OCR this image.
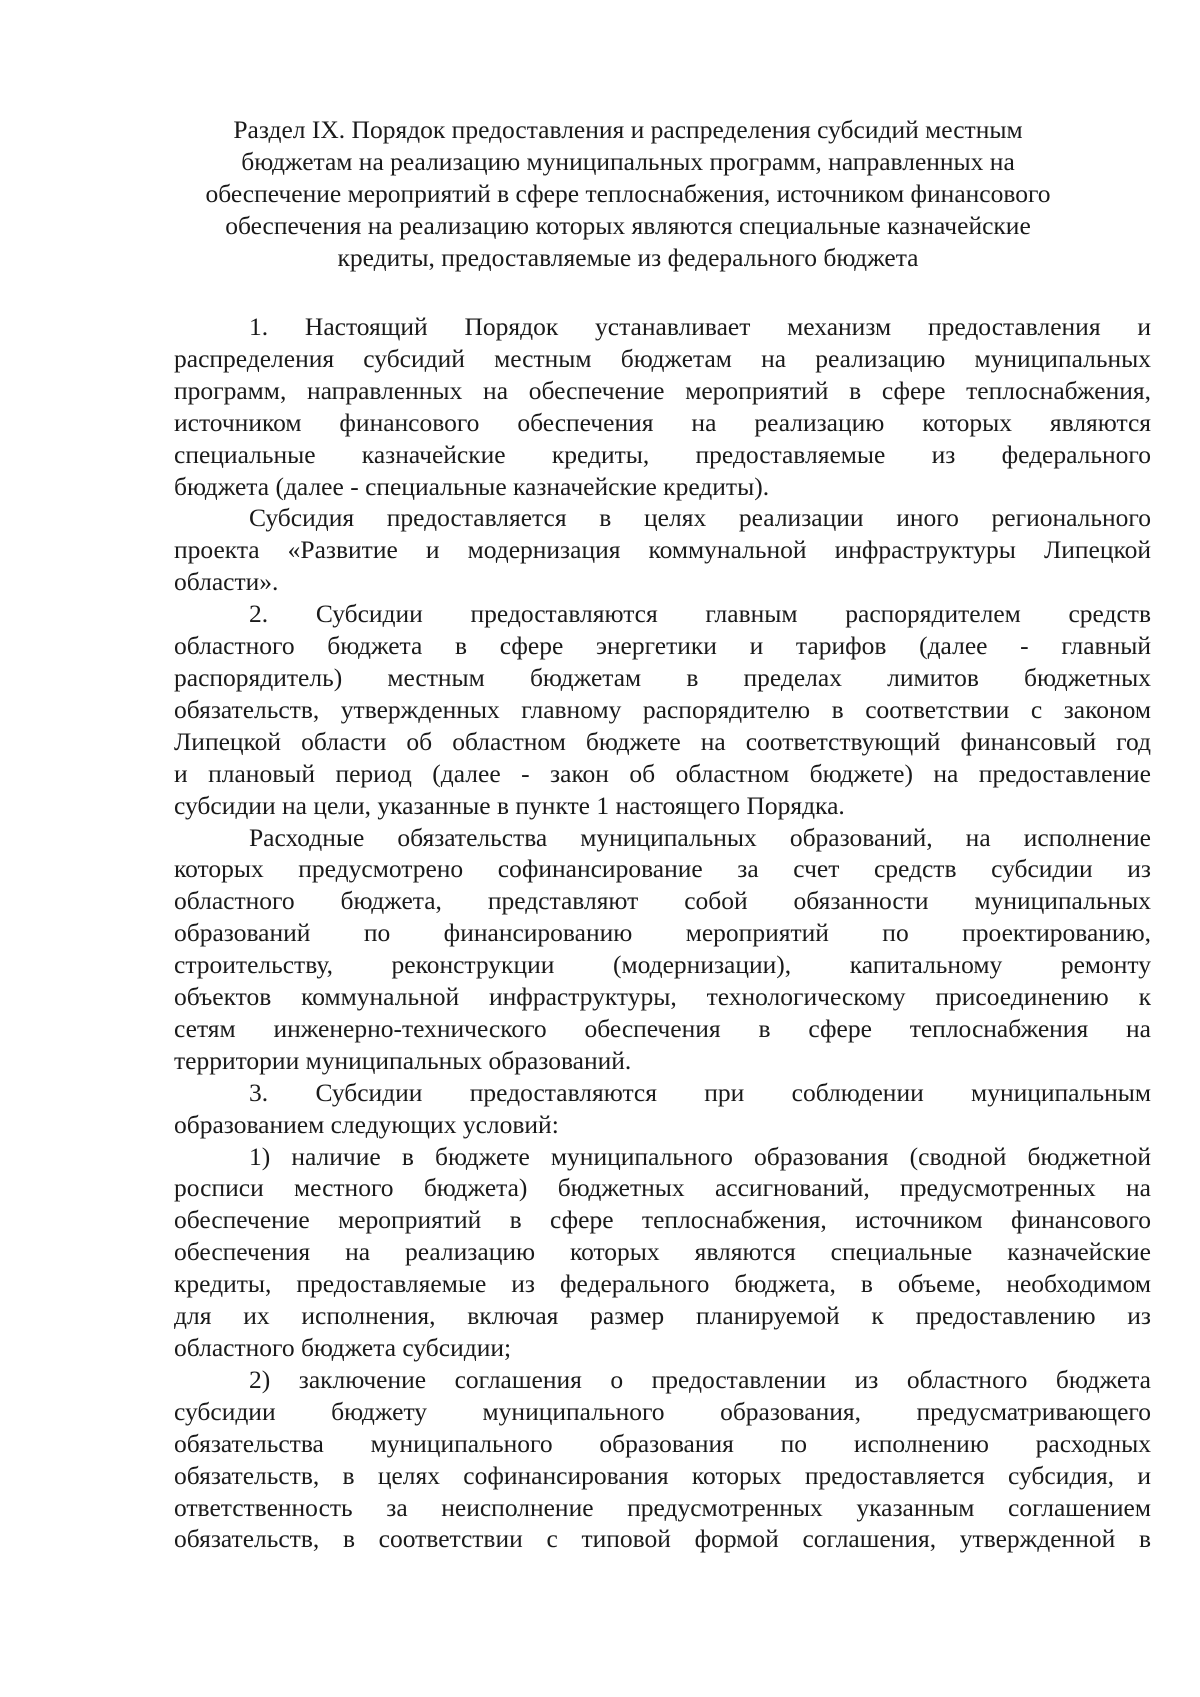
Раздел IX. Порядок предоставления и распределения субсидий местным
бюджетам на реализацию муниципальных программ, направленных на
обеспечение мероприятий в сфере теплоснабжения, источником финансового
обеспечения на реализацию которых являются специальные казначейские
кредиты, предоставляемые из федерального бюджета

1. Настоящий Порядок устанавливает механизм предоставления и
распределения субсидий местным бюджетам на реализацию муниципальных
программ, направленных на обеспечение мероприятий в сфере теплоснабжения,
источником финансового обеспечения на реализацию которых являются
специальные казначейские кредиты, предоставляемые из федерального
бюджета (далее - специальные казначейские кредиты).

Субсидия предоставляется в целях реализации иного регионального
проекта «Развитие и модернизация коммунальной инфраструктуры Липецкой
области».

2. Субсидии предоставляются главным распорядителем средств
областного бюджета в сфере энергетики и тарифов (далее - главный
распорядитель) местным бюджетам в пределах лимитов бюджетных
обязательств, утвержденных главному распорядителю в соответствии с законом
Липецкой области об областном бюджете на соответствующий финансовый год
и плановый период (далее - закон об областном бюджете) на предоставление
субсидии на цели, указанные в пункте 1 настоящего Порядка.

Расходные обязательства муниципальных образований, на исполнение
которых предусмотрено софинансирование за счет средств субсидии из
областного бюджета, представляют собой обязанности муниципальных
образований по финансированию мероприятий по проектированию,
строительству, реконструкции (модернизации), капитальному ремонту
объектов коммунальной инфраструктуры, технологическому присоединению к
сетям инженерно-технического обеспечения в сфере теплоснабжения на
территории муниципальных образований.

3. Субсидии предоставляются при соблюдении муниципальным
образованием следующих условий:

1) наличие в бюджете муниципального образования (сводной бюджетной
росписи местного бюджета) бюджетных ассигнований, предусмотренных на
обеспечение мероприятий в сфере теплоснабжения, источником финансового
обеспечения на реализацию которых являются специальные казначейские
кредиты, предоставляемые из федерального бюджета, в объеме, необходимом
для их исполнения, включая размер планируемой к предоставлению из
областного бюджета субсидии;

2) заключение соглашения о предоставлении из областного бюджета
субсидии бюджету муниципального образования, предусматривающего
обязательства муниципального образования по исполнению расходных
обязательств, в целях софинансирования которых предоставляется субсидия, и
ответственность за неисполнение предусмотренных указанным соглашением
обязательств, в соответствии с типовой формой соглашения, утвержденной в
